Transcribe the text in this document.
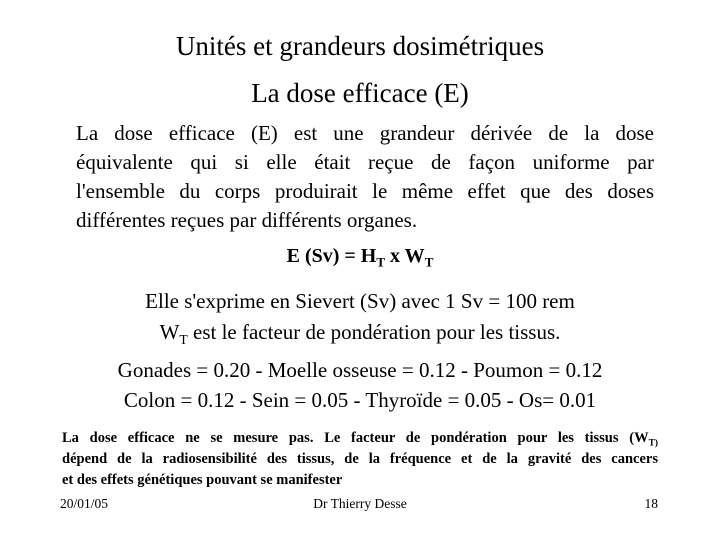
Unités et grandeurs dosimétriques
La dose efficace (E)
La dose efficace (E) est une grandeur dérivée de la dose
équivalente qui si elle était reçue de façon uniforme par
l'ensemble du corps produirait le même effet que des doses
différentes reçues par différents organes.
E $(Sv) = H_T$ x $W_T$
Elle s'exprime en Sievert (Sv) avec 1 Sv = 100 rem
$W_T$ est le facteur de pondération pour les tissus.
Gonades = 0.20 - Moelle osseuse = 0.12 - Poumon = 0.12
Colon = 0.12 - Sein = 0.05 - Thyroïde = 0.05 - Os= 0.01
La dose efficace ne se mesure pas. Le facteur de pondération pour les tissus ($W_{T)}$
dépend de la radiosensibilité des tissus, de la fréquence et de la gravité des cancers
et des effets génétiques pouvant se manifester
20/01/05	Dr Thierry Desse	18
